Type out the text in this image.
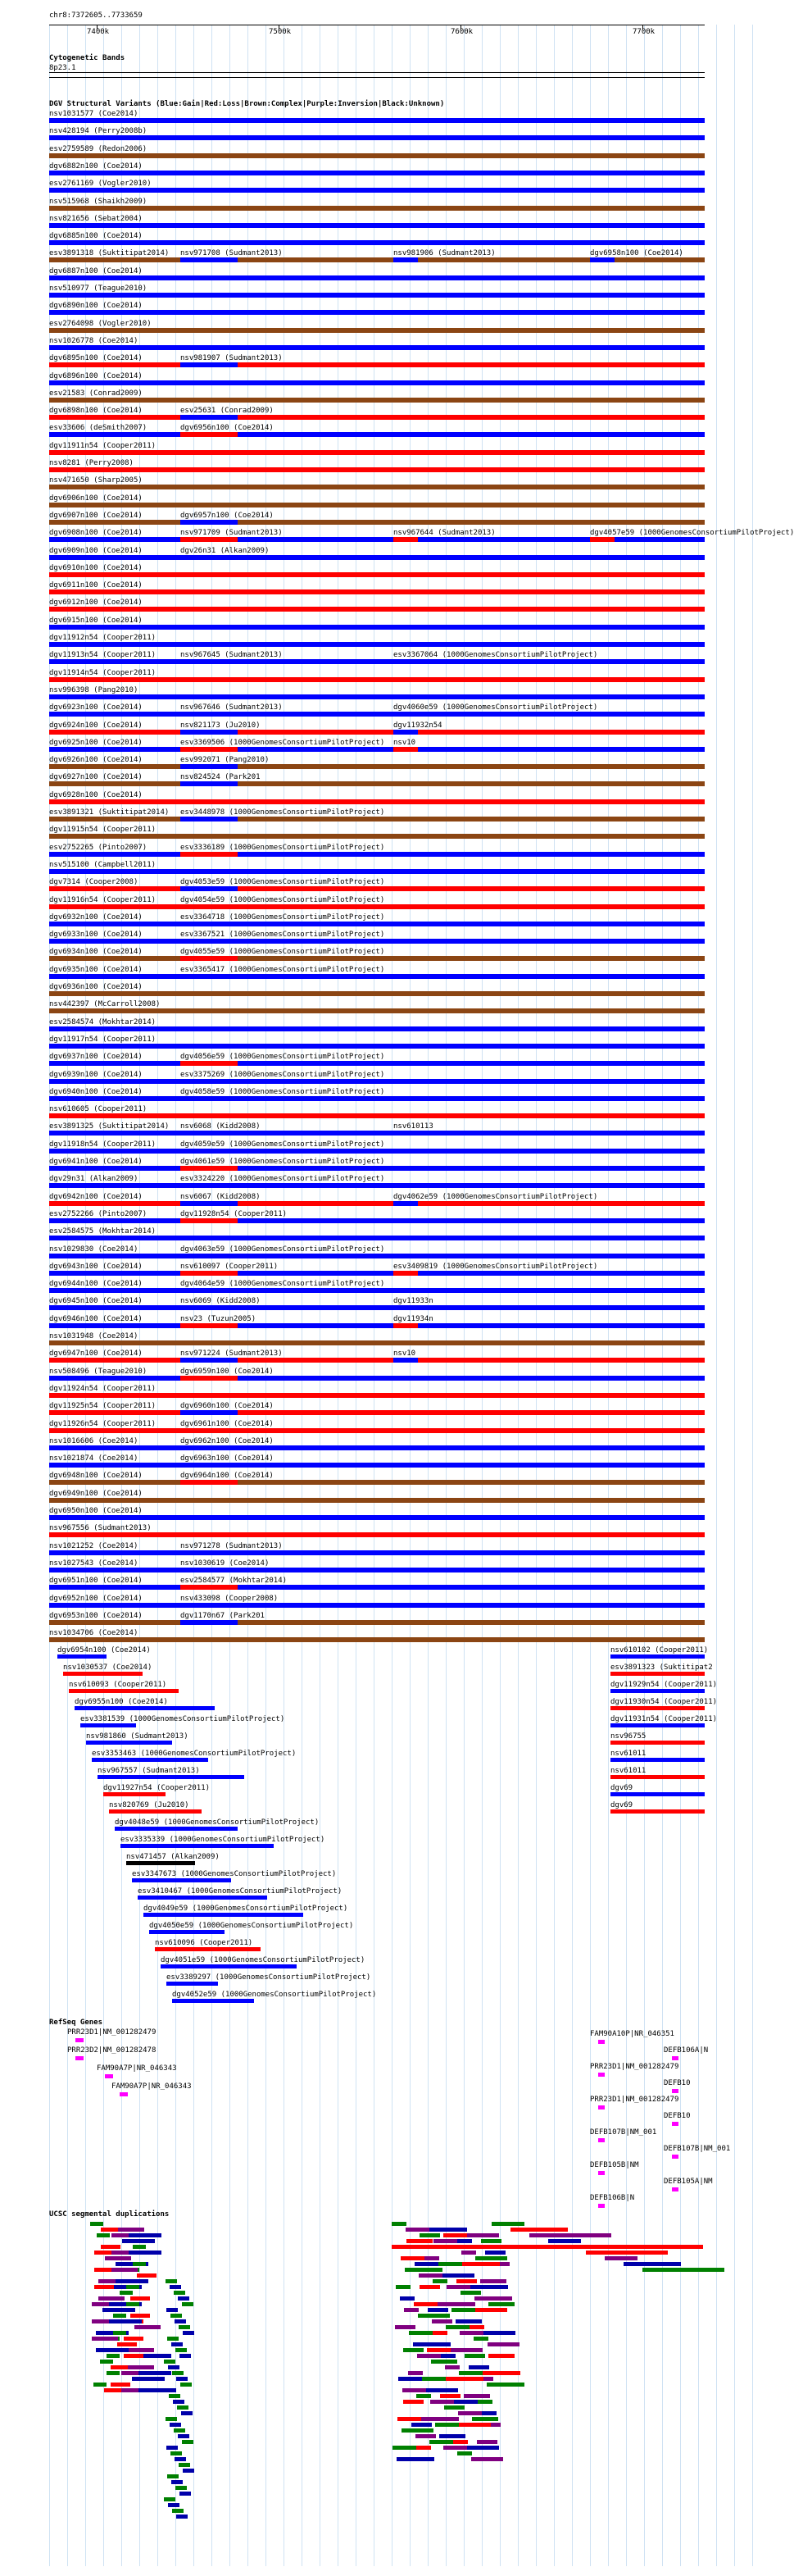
chr8:7372605..7733659
7400k	7500k	7600k	7700k
Cytogenetic Bands
8p23.1
DGV Structural Variants (Blue:Gain|Red:Loss|Brown:Complex|Purple:Inversion|Black:Unknown)
nsv1031577 (Coe2014)
nsv428194 (Perry2008b)
esv2759589 (Redon2006)
dgv6882n100 (Coe2014)
esv2761169 (Vogler2010)
nsv515968 (Shaikh2009)
nsv821656 (Sebat2004)
dgv6885n100 (Coe2014)
esv3891318 (Suktitipat2014)
dgv6887n100 (Coe2014)
nsv510977 (Teague2010)
dgv6890n100 (Coe2014)
esv2764098 (Vogler2010)
nsv1026778 (Coe2014)
dgv6895n100 (Coe2014)
dgv6896n100 (Coe2014)
esv21583 (Conrad2009)
dgv6898n100 (Coe2014)
esv33606 (deSmith2007)
dgv11911n54 (Cooper2011)
nsv8281 (Perry2008)
nsv471650 (Sharp2005)
dgv6906n100 (Coe2014)
dgv6907n100 (Coe2014)
dgv6908n100 (Coe2014)
dgv6909n100 (Coe2014)
dgv6910n100 (Coe2014)
dgv6911n100 (Coe2014)
dgv6912n100 (Coe2014)
dgv6915n100 (Coe2014)
dgv11912n54 (Cooper2011)
dgv11913n54 (Cooper2011)
dgv11914n54 (Cooper2011)
nsv996398 (Pang2010)
dgv6923n100 (Coe2014)
dgv6924n100 (Coe2014)
dgv6925n100 (Coe2014)
dgv6926n100 (Coe2014)
dgv6927n100 (Coe2014)
dgv6928n100 (Coe2014)
esv3891321 (Suktitipat2014)
dgv11915n54 (Cooper2011)
esv2752265 (Pinto2007)
nsv515100 (Campbell2011)
dgv7314 (Cooper2008)
dgv11916n54 (Cooper2011)
dgv6932n100 (Coe2014)
dgv6933n100 (Coe2014)
dgv6934n100 (Coe2014)
dgv6935n100 (Coe2014)
dgv6936n100 (Coe2014)
nsv442397 (McCarroll2008)
esv2584574 (Mokhtar2014)
dgv11917n54 (Cooper2011)
dgv6937n100 (Coe2014)
dgv6939n100 (Coe2014)
dgv6940n100 (Coe2014)
nsv610605 (Cooper2011)
esv3891325 (Suktitipat2014)
dgv11918n54 (Cooper2011)
dgv6941n100 (Coe2014)
dgv29n31 (Alkan2009)
dgv6942n100 (Coe2014)
esv2752266 (Pinto2007)
esv2584575 (Mokhtar2014)
nsv1029830 (Coe2014)
dgv6943n100 (Coe2014)
dgv6944n100 (Coe2014)
dgv6945n100 (Coe2014)
dgv6946n100 (Coe2014)
nsv1031948 (Coe2014)
dgv6947n100 (Coe2014)
nsv508496 (Teague2010)
dgv11924n54 (Cooper2011)
dgv11925n54 (Cooper2011)
dgv11926n54 (Cooper2011)
nsv1016606 (Coe2014)
nsv1021874 (Coe2014)
dgv6948n100 (Coe2014)
dgv6949n100 (Coe2014)
dgv6950n100 (Coe2014)
nsv967556 (Sudmant2013)
nsv1021252 (Coe2014)
nsv1027543 (Coe2014)
dgv6951n100 (Coe2014)
dgv6952n100 (Coe2014)
dgv6953n100 (Coe2014)
nsv1034706 (Coe2014)
nsv971708 (Sudmant2013)	nsv981906 (Sudmant2013)	dgv6958n100 (Coe2014)
nsv981907 (Sudmant2013)
esv25631 (Conrad2009)
dgv6956n100 (Coe2014)
dgv6957n100 (Coe2014)
nsv971709 (Sudmant2013)	nsv967644 (Sudmant2013)	dgv4057e59 (1000GenomesConsortiumPilotProject)
dgv26n31 (Alkan2009)
nsv967645 (Sudmant2013)	esv3367064 (1000GenomesConsortiumPilotProject)
nsv967646 (Sudmant2013)	dgv4060e59 (1000GenomesConsortiumPilotProject)
nsv821173 (Ju2010)	dgv11932n54
esv3369506 (1000GenomesConsortiumPilotProject) nsv10
esv992071 (Pang2010)
nsv824524 (Park201
esv3448978 (1000GenomesConsortiumPilotProject)
esv3336189 (1000GenomesConsortiumPilotProject)
dgv4053e59 (1000GenomesConsortiumPilotProject)
dgv4054e59 (1000GenomesConsortiumPilotProject)
esv3364718 (1000GenomesConsortiumPilotProject)
esv3367521 (1000GenomesConsortiumPilotProject)
dgv4055e59 (1000GenomesConsortiumPilotProject)
esv3365417 (1000GenomesConsortiumPilotProject)
dgv4056e59 (1000GenomesConsortiumPilotProject)
esv3375269 (1000GenomesConsortiumPilotProject)
dgv4058e59 (1000GenomesConsortiumPilotProject)
nsv6068 (Kidd2008)	nsv610113
dgv4059e59 (1000GenomesConsortiumPilotProject)
dgv4061e59 (1000GenomesConsortiumPilotProject)
esv3324220 (1000GenomesConsortiumPilotProject)
nsv6067 (Kidd2008)	dgv4062e59 (1000GenomesConsortiumPilotProject)
dgv11928n54 (Cooper2011)
dgv4063e59 (1000GenomesConsortiumPilotProject)
nsv610097 (Cooper2011)	esv3409819 (1000GenomesConsortiumPilotProject)
dgv4064e59 (1000GenomesConsortiumPilotProject)
nsv6069 (Kidd2008)	dgv11933n
nsv23 (Tuzun2005)	dgv11934n
nsv971224 (Sudmant2013)	nsv10
dgv6959n100 (Coe2014)
dgv6960n100 (Coe2014)
dgv6961n100 (Coe2014)
dgv6962n100 (Coe2014)
dgv6963n100 (Coe2014)
dgv6964n100 (Coe2014)
nsv971278 (Sudmant2013)
nsv1030619 (Coe2014)
esv2584577 (Mokhtar2014)
nsv433098 (Cooper2008)
dgv1170n67 (Park201
dgv6954n100 (Coe2014)
nsv1030537 (Coe2014)
nsv610093 (Cooper2011)
dgv6955n100 (Coe2014)
esv3381539 (1000GenomesConsortiumPilotProject)
nsv981860 (Sudmant2013)
esv3353463 (1000GenomesConsortiumPilotProject)
nsv967557 (Sudmant2013)
dgv11927n54 (Cooper2011)
nsv820769 (Ju2010)
dgv4048e59 (1000GenomesConsortiumPilotProject)
esv3335339 (1000GenomesConsortiumPilotProject)
nsv471457 (Alkan2009)
esv3347673 (1000GenomesConsortiumPilotProject)
esv3410467 (1000GenomesConsortiumPilotProject)
dgv4049e59 (1000GenomesConsortiumPilotProject)
dgv4050e59 (1000GenomesConsortiumPilotProject)
nsv610096 (Cooper2011)
dgv4051e59 (1000GenomesConsortiumPilotProject)
esv3389297 (1000GenomesConsortiumPilotProject)
dgv4052e59 (1000GenomesConsortiumPilotProject)
nsv610102 (Cooper2011)
esv3891323 (Suktitipat2
dgv11929n54 (Cooper2011)
dgv11930n54 (Cooper2011)
dgv11931n54 (Cooper2011)
nsv96755
nsv61011
nsv61011
dgv69
dgv69
RefSeq Genes
PRR23D1|NM_001282479
PRR23D2|NM_001282478
FAM90A7P|NR_046343
FAM90A7P|NR_046343
FAM90A10P|NR_046351
DEFB106A|N
PRR23D1|NM_001282479
DEFB10
PRR23D1|NM_001282479
DEFB10
DEFB107B|NM_001
DEFB107B|NM_001
DEFB105B|NM
DEFB105A|NM
DEFB106B|N
UCSC segmental duplications
